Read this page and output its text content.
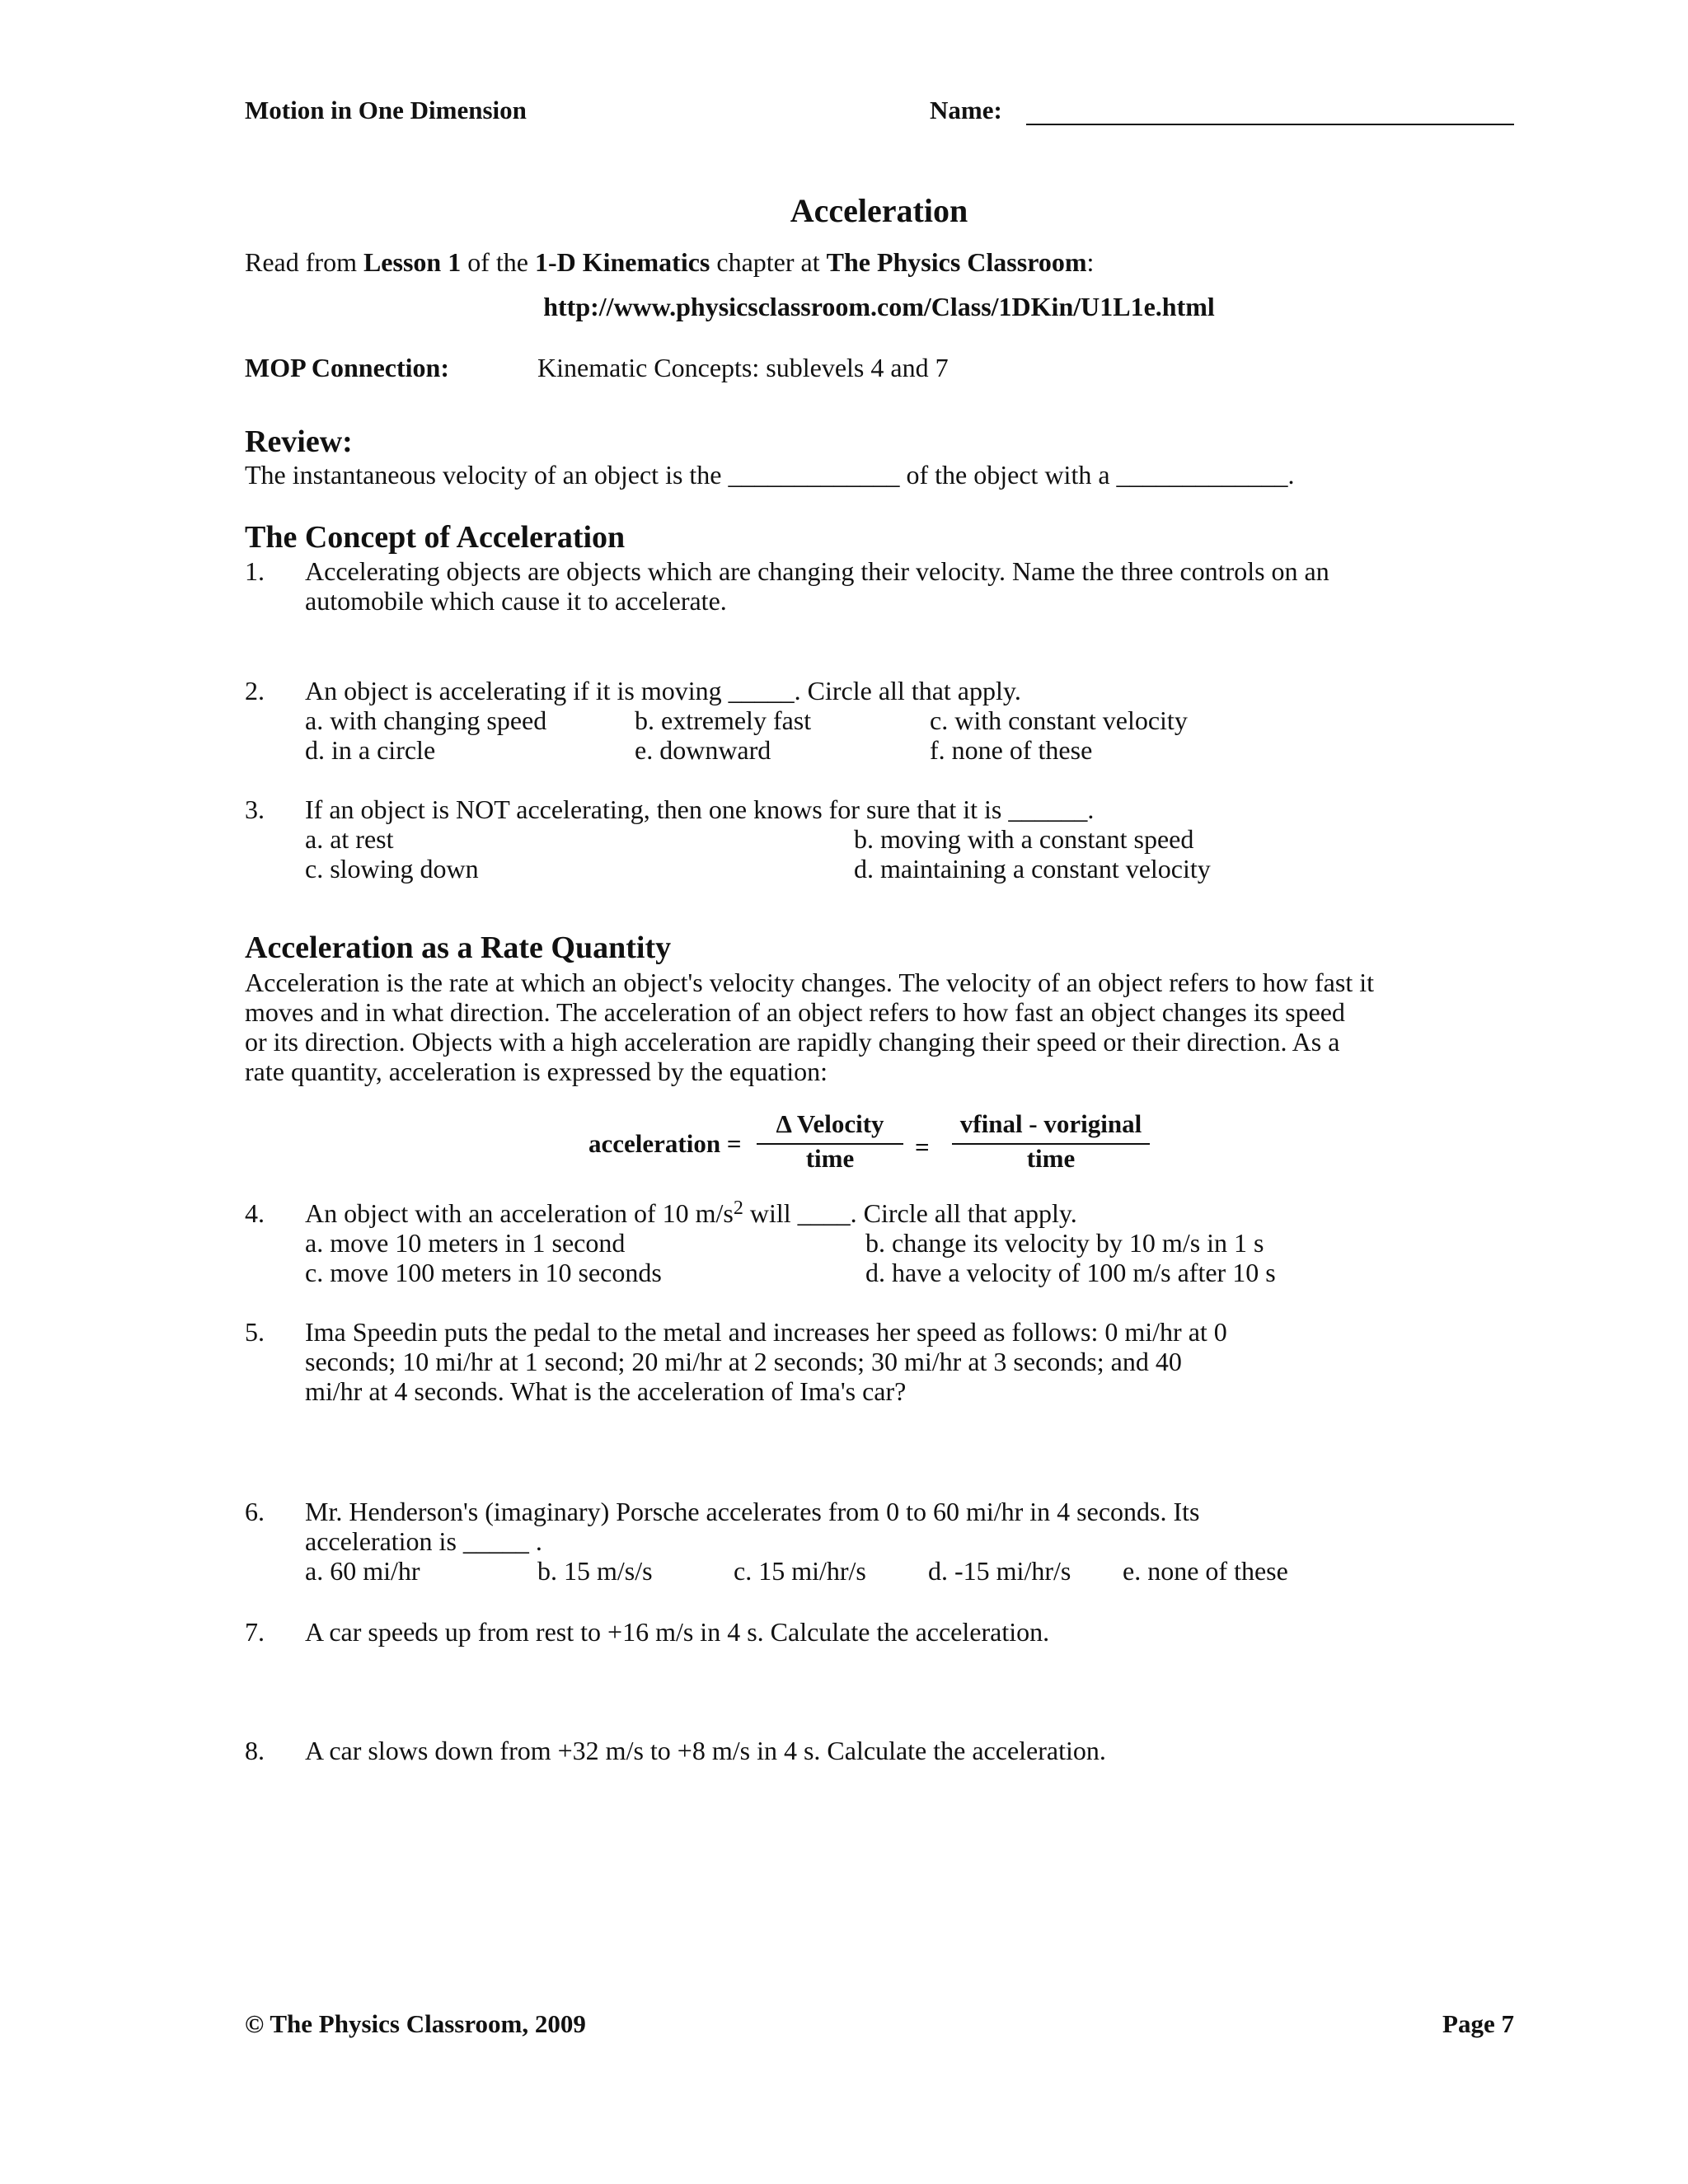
Motion in One Dimension	Name:
Acceleration
Read from Lesson 1 of the 1-D Kinematics chapter at The Physics Classroom:
http://www.physicsclassroom.com/Class/1DKin/U1L1e.html
MOP Connection:	Kinematic Concepts: sublevels 4 and 7
Review:
The instantaneous velocity of an object is the _____________ of the object with a _____________.
The Concept of Acceleration
1. Accelerating objects are objects which are changing their velocity. Name the three controls on an
automobile which cause it to accelerate.
2. An object is accelerating if it is moving _____. Circle all that apply.
a. with changing speed	b. extremely fast	c. with constant velocity
d. in a circle	e. downward	f. none of these
3. If an object is NOT accelerating, then one knows for sure that it is ______.
a. at rest	b. moving with a constant speed
c. slowing down	d. maintaining a constant velocity
Acceleration as a Rate Quantity
Acceleration is the rate at which an object's velocity changes. The velocity of an object refers to how fast it
moves and in what direction. The acceleration of an object refers to how fast an object changes its speed
or its direction. Objects with a high acceleration are rapidly changing their speed or their direction. As a
rate quantity, acceleration is expressed by the equation:
acceleration =
Δ Velocity
time	=
vfinal - voriginal
time
4. An object with an acceleration of 10 $m/s^2$ will ____. Circle all that apply.
a. move 10 meters in 1 second	b. change its velocity by 10 m/s in 1 s
c. move 100 meters in 10 seconds	d. have a velocity of 100 m/s after 10 s
5. Ima Speedin puts the pedal to the metal and increases her speed as follows: 0 mi/hr at 0
seconds; 10 mi/hr at 1 second; 20 mi/hr at 2 seconds; 30 mi/hr at 3 seconds; and 40
mi/hr at 4 seconds. What is the acceleration of Ima's car?
6. Mr. Henderson's (imaginary) Porsche accelerates from 0 to 60 mi/hr in 4 seconds. Its
acceleration is _____ .
a. 60 mi/hr	b. 15 m/s/s	c. 15 mi/hr/s d. -15 mi/hr/s e. none of these
7. A car speeds up from rest to +16 m/s in 4 s. Calculate the acceleration.
8. A car slows down from +32 m/s to +8 m/s in 4 s. Calculate the acceleration.
© The Physics Classroom, 2009	Page 7
